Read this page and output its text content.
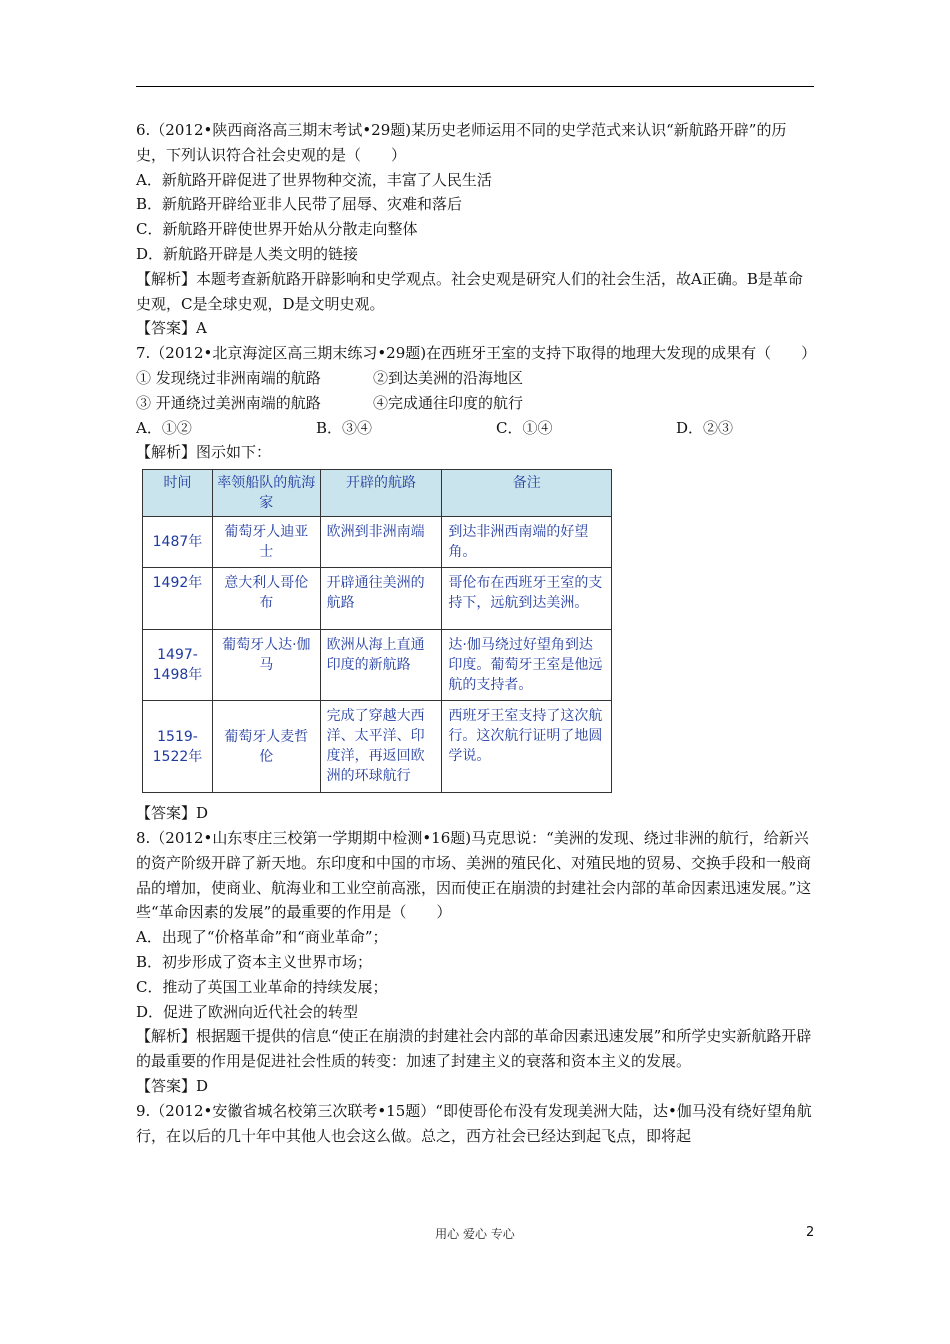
6.（2012•陕西商洛高三期末考试•29题)某历史老师运用不同的史学范式来认识“新航路开辟”的历史，下列认识符合社会史观的是（　　）

A．新航路开辟促进了世界物种交流，丰富了人民生活

B．新航路开辟给亚非人民带了屈辱、灾难和落后

C．新航路开辟使世界开始从分散走向整体

D．新航路开辟是人类文明的链接

【解析】本题考查新航路开辟影响和史学观点。社会史观是研究人们的社会生活，故A正确。B是革命史观，C是全球史观，D是文明史观。

【答案】A

7.（2012•北京海淀区高三期末练习•29题)在西班牙王室的支持下取得的地理大发现的成果有（　　）

① 发现绕过非洲南端的航路	②到达美洲的沿海地区

③ 开通绕过美洲南端的航路	④完成通往印度的航行

A．①②	B．③④	C．①④	D．②③

【解析】图示如下：

时间	率领船队的航海家	开辟的航路	备注
1487年	葡萄牙人迪亚士	欧洲到非洲南端	到达非洲西南端的好望角。
1492年	意大利人哥伦布	开辟通往美洲的航路	哥伦布在西班牙王室的支持下，远航到达美洲。
1497-1498年	葡萄牙人达·伽马	欧洲从海上直通印度的新航路	达·伽马绕过好望角到达印度。葡萄牙王室是他远航的支持者。
1519-1522年	葡萄牙人麦哲伦	完成了穿越大西洋、太平洋、印度洋，再返回欧洲的环球航行	西班牙王室支持了这次航行。这次航行证明了地圆学说。

【答案】D

8.（2012•山东枣庄三校第一学期期中检测•16题)马克思说：“美洲的发现、绕过非洲的航行，给新兴的资产阶级开辟了新天地。东印度和中国的市场、美洲的殖民化、对殖民地的贸易、交换手段和一般商品的增加，使商业、航海业和工业空前高涨，因而使正在崩溃的封建社会内部的革命因素迅速发展。”这些“革命因素的发展”的最重要的作用是（　　）

A．出现了“价格革命”和“商业革命”；

B．初步形成了资本主义世界市场；

C．推动了英国工业革命的持续发展；

D．促进了欧洲向近代社会的转型

【解析】根据题干提供的信息“使正在崩溃的封建社会内部的革命因素迅速发展”和所学史实新航路开辟的最重要的作用是促进社会性质的转变：加速了封建主义的衰落和资本主义的发展。

【答案】D

9.（2012•安徽省城名校第三次联考•15题）“即使哥伦布没有发现美洲大陆，达•伽马没有绕好望角航行，在以后的几十年中其他人也会这么做。总之，西方社会已经达到起飞点，即将起

用心 爱心 专心	2
